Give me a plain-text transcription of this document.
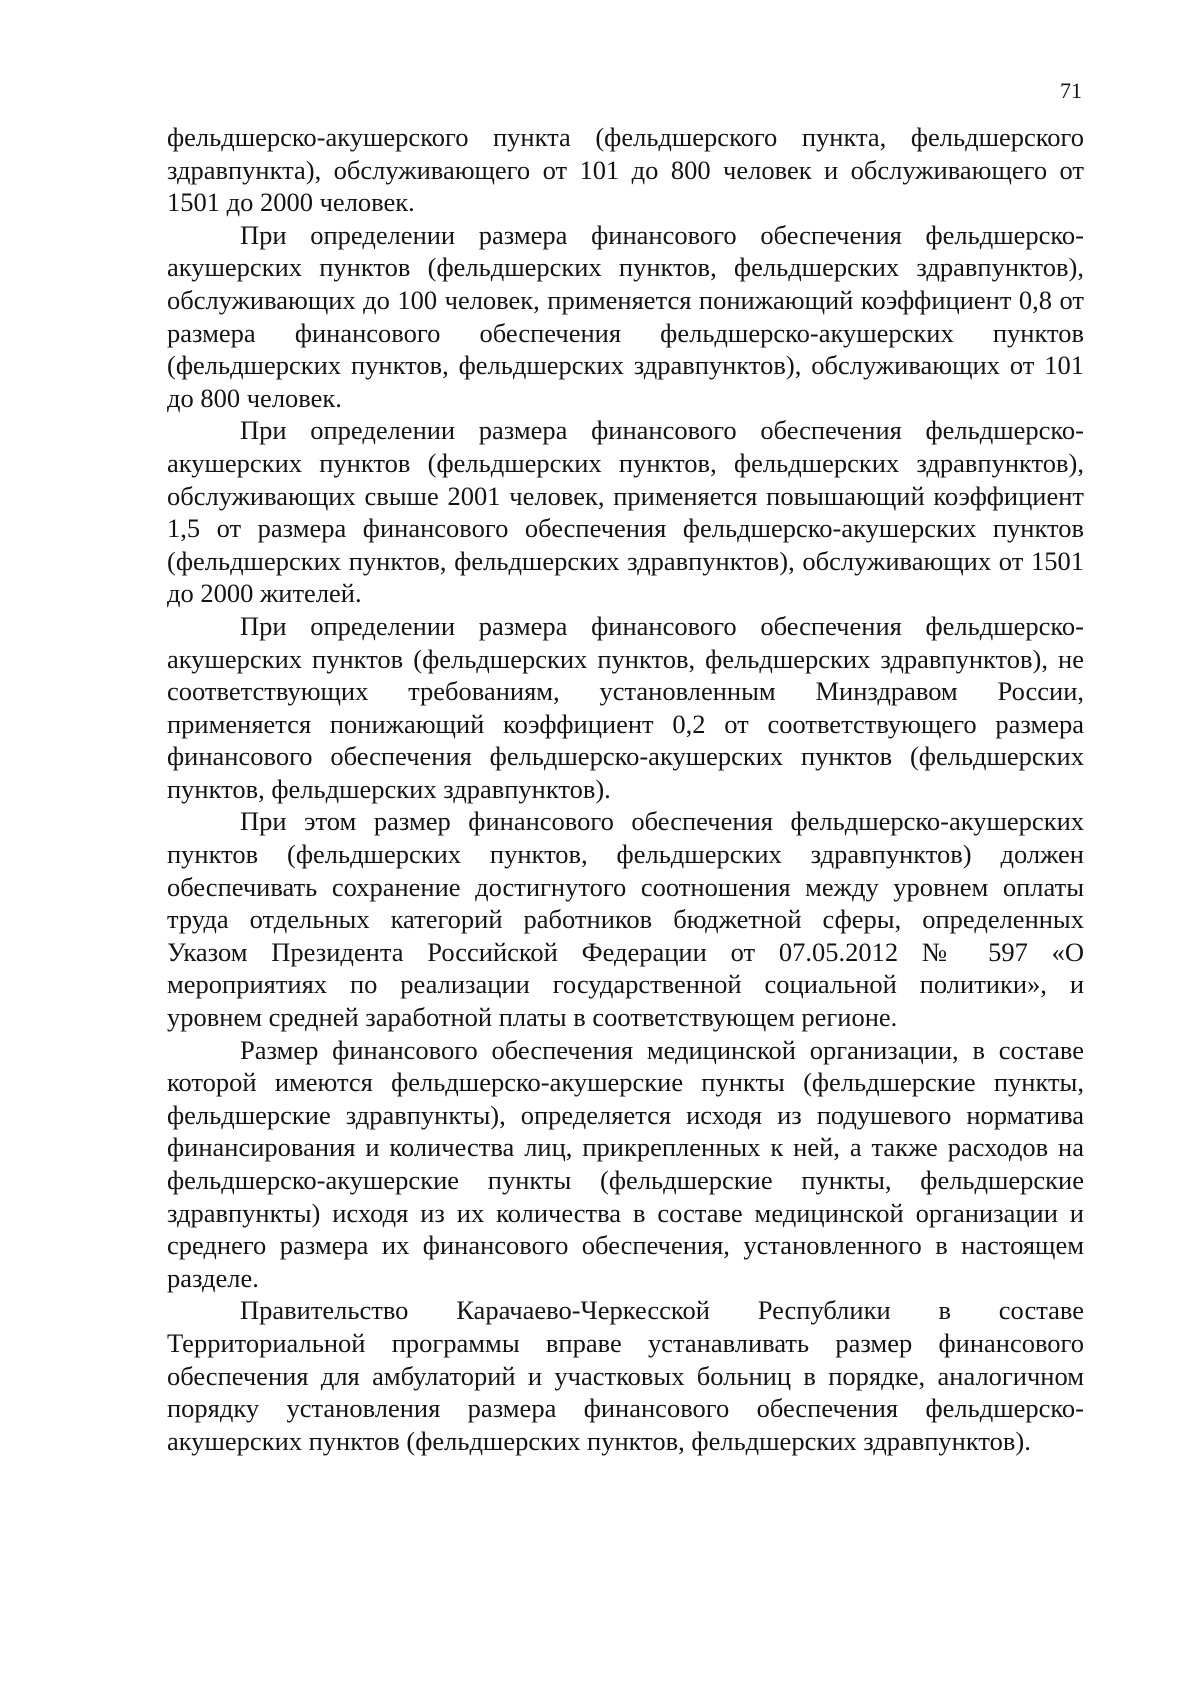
71

фельдшерско-акушерского пункта (фельдшерского пункта, фельдшерского здравпункта), обслуживающего от 101 до 800 человек и обслуживающего от 1501 до 2000 человек.

При определении размера финансового обеспечения фельдшерско-акушерских пунктов (фельдшерских пунктов, фельдшерских здравпунктов), обслуживающих до 100 человек, применяется понижающий коэффициент 0,8 от размера финансового обеспечения фельдшерско-акушерских пунктов (фельдшерских пунктов, фельдшерских здравпунктов), обслуживающих от 101 до 800 человек.

При определении размера финансового обеспечения фельдшерско-акушерских пунктов (фельдшерских пунктов, фельдшерских здравпунктов), обслуживающих свыше 2001 человек, применяется повышающий коэффициент 1,5 от размера финансового обеспечения фельдшерско-акушерских пунктов (фельдшерских пунктов, фельдшерских здравпунктов), обслуживающих от 1501 до 2000 жителей.

При определении размера финансового обеспечения фельдшерско-акушерских пунктов (фельдшерских пунктов, фельдшерских здравпунктов), не соответствующих требованиям, установленным Минздравом России, применяется понижающий коэффициент 0,2 от соответствующего размера финансового обеспечения фельдшерско-акушерских пунктов (фельдшерских пунктов, фельдшерских здравпунктов).

При этом размер финансового обеспечения фельдшерско-акушерских пунктов (фельдшерских пунктов, фельдшерских здравпунктов) должен обеспечивать сохранение достигнутого соотношения между уровнем оплаты труда отдельных категорий работников бюджетной сферы, определенных Указом Президента Российской Федерации от 07.05.2012 № 597 «О мероприятиях по реализации государственной социальной политики», и уровнем средней заработной платы в соответствующем регионе.

Размер финансового обеспечения медицинской организации, в составе которой имеются фельдшерско-акушерские пункты (фельдшерские пункты, фельдшерские здравпункты), определяется исходя из подушевого норматива финансирования и количества лиц, прикрепленных к ней, а также расходов на фельдшерско-акушерские пункты (фельдшерские пункты, фельдшерские здравпункты) исходя из их количества в составе медицинской организации и среднего размера их финансового обеспечения, установленного в настоящем разделе.

Правительство Карачаево-Черкесской Республики в составе Территориальной программы вправе устанавливать размер финансового обеспечения для амбулаторий и участковых больниц в порядке, аналогичном порядку установления размера финансового обеспечения фельдшерско-акушерских пунктов (фельдшерских пунктов, фельдшерских здравпунктов).
